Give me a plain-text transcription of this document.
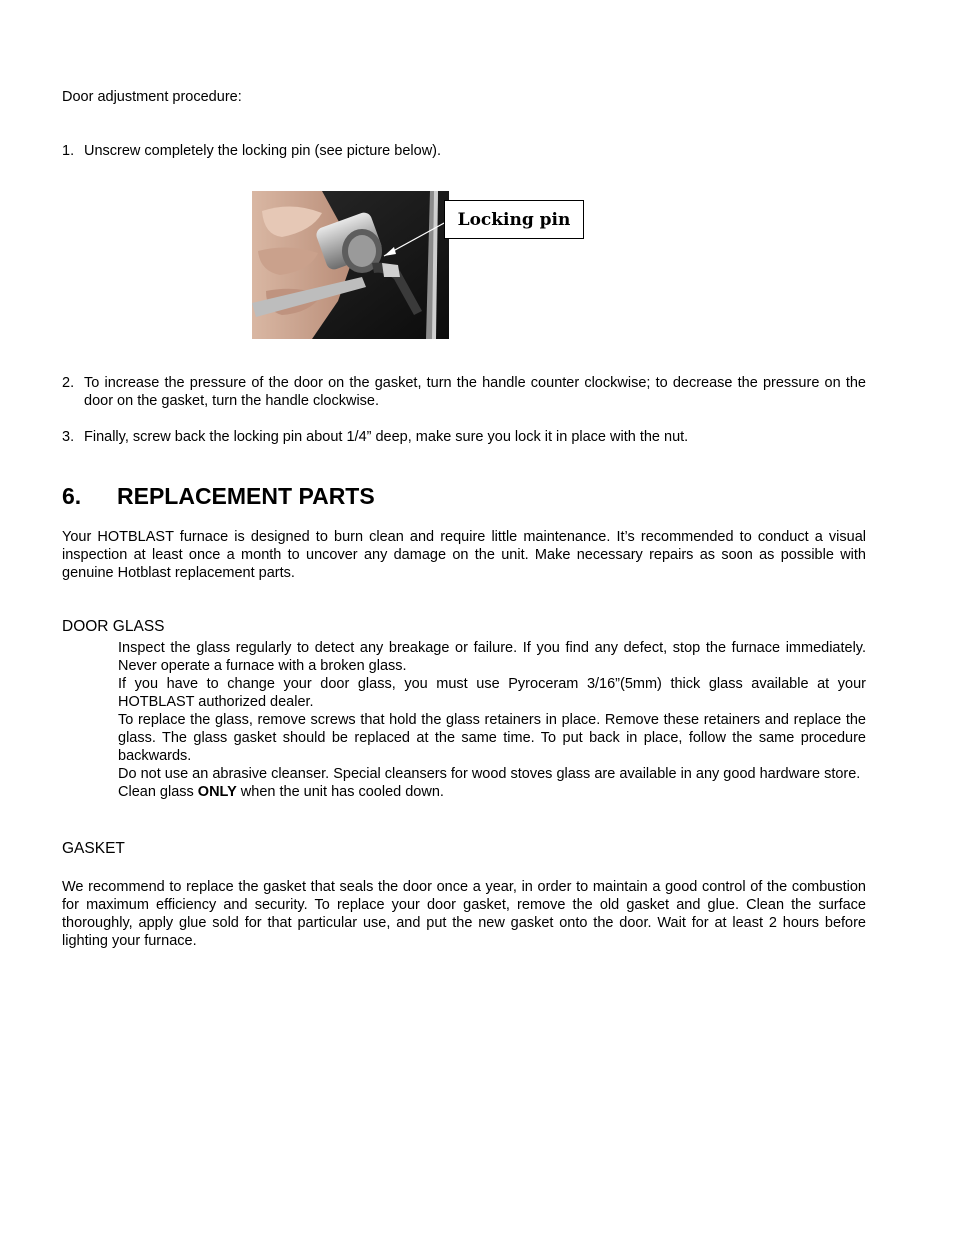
Door adjustment procedure:
1. Unscrew completely the locking pin (see picture below).
Locking pin
2. To increase the pressure of the door on the gasket, turn the handle counter clockwise; to decrease the pressure on the door on the gasket, turn the handle clockwise.
3. Finally, screw back the locking pin about 1/4” deep, make sure you lock it in place with the nut.
6. REPLACEMENT PARTS
Your HOTBLAST furnace is designed to burn clean and require little maintenance. It’s recommended to conduct a visual inspection at least once a month to uncover any damage on the unit. Make necessary repairs as soon as possible with genuine Hotblast replacement parts.
DOOR GLASS
Inspect the glass regularly to detect any breakage or failure. If you find any defect, stop the furnace immediately. Never operate a furnace with a broken glass.
If you have to change your door glass, you must use Pyroceram 3/16”(5mm) thick glass available at your HOTBLAST authorized dealer.
To replace the glass, remove screws that hold the glass retainers in place. Remove these retainers and replace the glass. The glass gasket should be replaced at the same time. To put back in place, follow the same procedure backwards.
Do not use an abrasive cleanser. Special cleansers for wood stoves glass are available in any good hardware store.
Clean glass ONLY when the unit has cooled down.
GASKET
We recommend to replace the gasket that seals the door once a year, in order to maintain a good control of the combustion for maximum efficiency and security. To replace your door gasket, remove the old gasket and glue. Clean the surface thoroughly, apply glue sold for that particular use, and put the new gasket onto the door. Wait for at least 2 hours before lighting your furnace.
